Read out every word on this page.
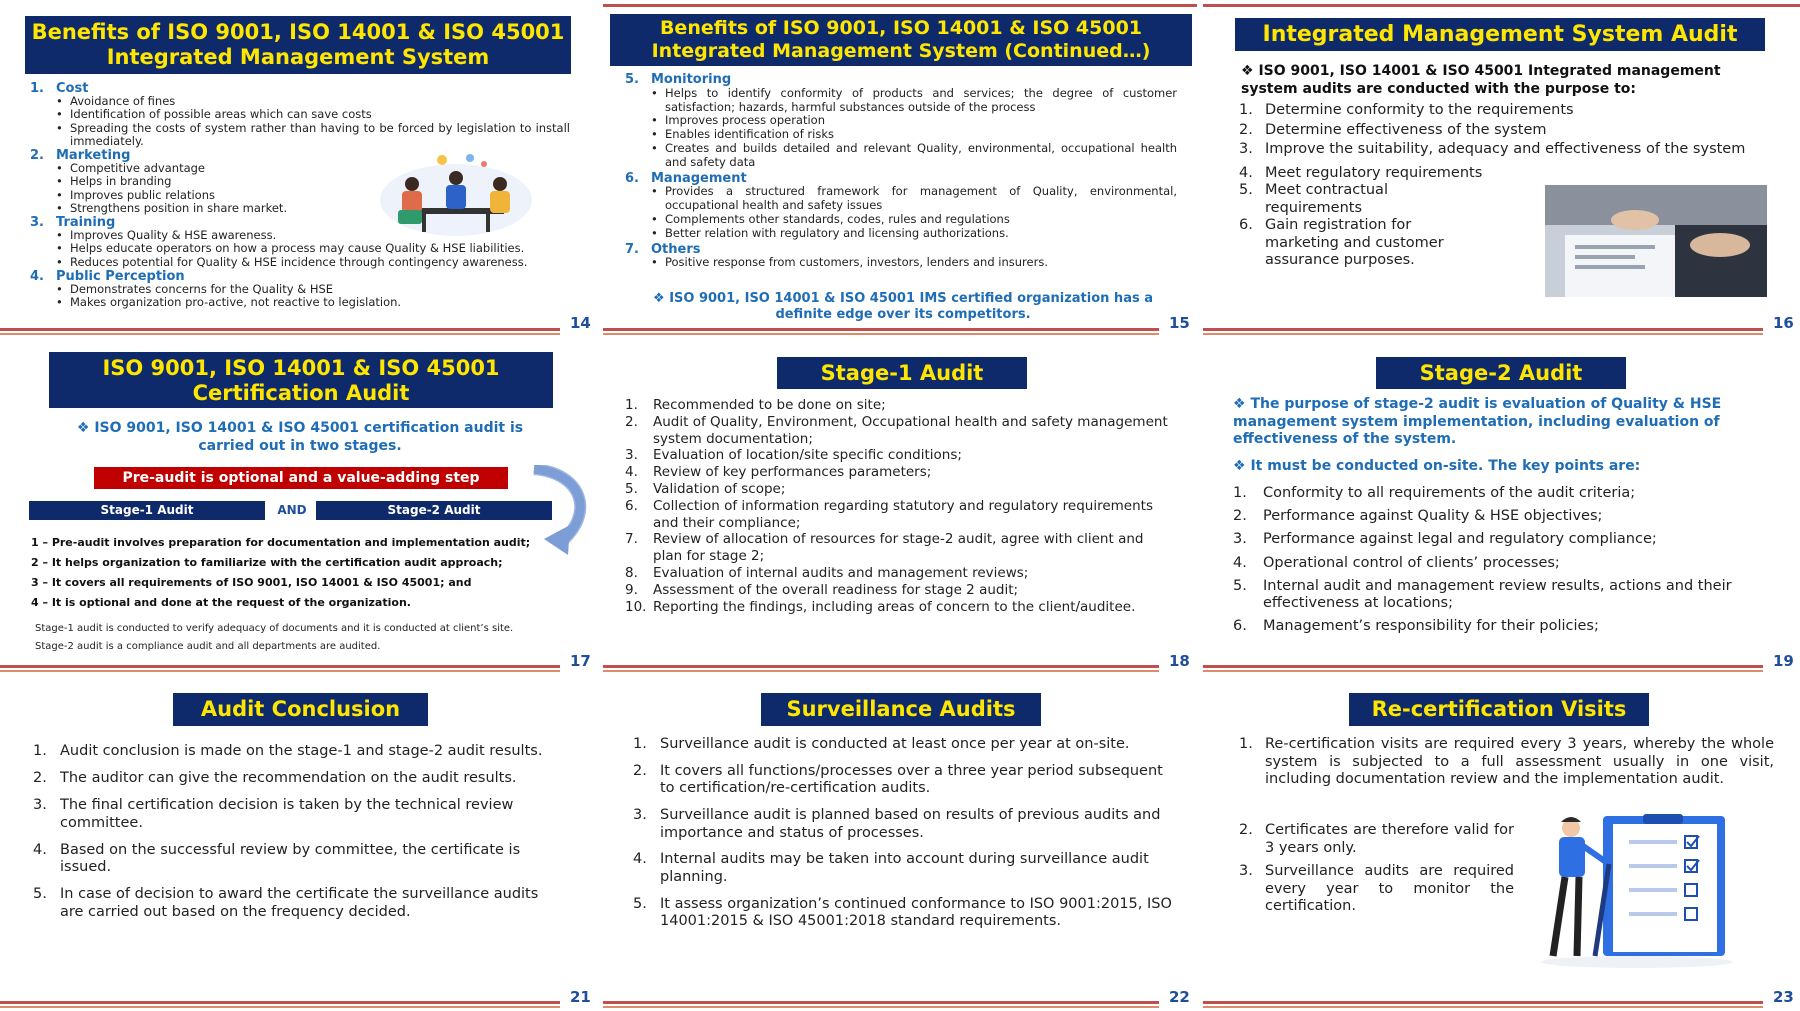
Benefits of ISO 9001, ISO 14001 & ISO 45001 Integrated Management System
1. Cost
• Avoidance of fines
• Identification of possible areas which can save costs
• Spreading the costs of system rather than having to be forced by legislation to install immediately.
2. Marketing
• Competitive advantage
• Helps in branding
• Improves public relations
• Strengthens position in share market.
3. Training
• Improves Quality & HSE awareness.
• Helps educate operators on how a process may cause Quality & HSE liabilities.
• Reduces potential for Quality & HSE incidence through contingency awareness.
4. Public Perception
• Demonstrates concerns for the Quality & HSE
• Makes organization pro-active, not reactive to legislation.
14
Benefits of ISO 9001, ISO 14001 & ISO 45001 Integrated Management System (Continued…)
5. Monitoring
• Helps to identify conformity of products and services; the degree of customer satisfaction; hazards, harmful substances outside of the process
• Improves process operation
• Enables identification of risks
• Creates and builds detailed and relevant Quality, environmental, occupational health and safety data
6. Management
• Provides a structured framework for management of Quality, environmental, occupational health and safety issues
• Complements other standards, codes, rules and regulations
• Better relation with regulatory and licensing authorizations.
7. Others
• Positive response from customers, investors, lenders and insurers.
❖ ISO 9001, ISO 14001 & ISO 45001 IMS certified organization has a definite edge over its competitors.	15
Integrated Management System Audit
❖ ISO 9001, ISO 14001 & ISO 45001 Integrated management system audits are conducted with the purpose to:
1. Determine conformity to the requirements
2. Determine effectiveness of the system
3. Improve the suitability, adequacy and effectiveness of the system
4. Meet regulatory requirements
5. Meet contractual requirements
6. Gain registration for marketing and customer assurance purposes.
16
ISO 9001, ISO 14001 & ISO 45001 Certification Audit
❖ ISO 9001, ISO 14001 & ISO 45001 certification audit is carried out in two stages.
Pre-audit is optional and a value-adding step
Stage-1 Audit	AND	Stage-2 Audit
1 – Pre-audit involves preparation for documentation and implementation audit;
2 – It helps organization to familiarize with the certification audit approach;
3 – It covers all requirements of ISO 9001, ISO 14001 & ISO 45001; and
4 – It is optional and done at the request of the organization.
Stage-1 audit is conducted to verify adequacy of documents and it is conducted at client’s site.
Stage-2 audit is a compliance audit and all departments are audited.
17
Stage-1 Audit
1.	Recommended to be done on site;
2.	Audit of Quality, Environment, Occupational health and safety management system documentation;
3.	Evaluation of location/site specific conditions;
4.	Review of key performances parameters;
5.	Validation of scope;
6.	Collection of information regarding statutory and regulatory requirements and their compliance;
7.	Review of allocation of resources for stage-2 audit, agree with client and plan for stage 2;
8.	Evaluation of internal audits and management reviews;
9.	Assessment of the overall readiness for stage 2 audit;
10. Reporting the findings, including areas of concern to the client/auditee.
18
Stage-2 Audit
❖ The purpose of stage-2 audit is evaluation of Quality & HSE management system implementation, including evaluation of effectiveness of the system.
❖ It must be conducted on-site. The key points are:
1.	Conformity to all requirements of the audit criteria;
2.	Performance against Quality & HSE objectives;
3.	Performance against legal and regulatory compliance;
4.	Operational control of clients’ processes;
5.	Internal audit and management review results, actions and their effectiveness at locations;
6.	Management’s responsibility for their policies;
19
Audit Conclusion
1. Audit conclusion is made on the stage-1 and stage-2 audit results.
2. The auditor can give the recommendation on the audit results.
3. The final certification decision is taken by the technical review committee.
4. Based on the successful review by committee, the certificate is issued.
5. In case of decision to award the certificate the surveillance audits are carried out based on the frequency decided.
21
Surveillance Audits
1. Surveillance audit is conducted at least once per year at on-site.
2. It covers all functions/processes over a three year period subsequent to certification/re-certification audits.
3. Surveillance audit is planned based on results of previous audits and importance and status of processes.
4. Internal audits may be taken into account during surveillance audit planning.
5. It assess organization’s continued conformance to ISO 9001:2015, ISO 14001:2015 & ISO 45001:2018 standard requirements.
22
Re-certification Visits
1. Re-certification visits are required every 3 years, whereby the whole system is subjected to a full assessment usually in one visit, including documentation review and the implementation audit.
2. Certificates are therefore valid for 3 years only.
3. Surveillance audits are required every year to monitor the certification.
23
